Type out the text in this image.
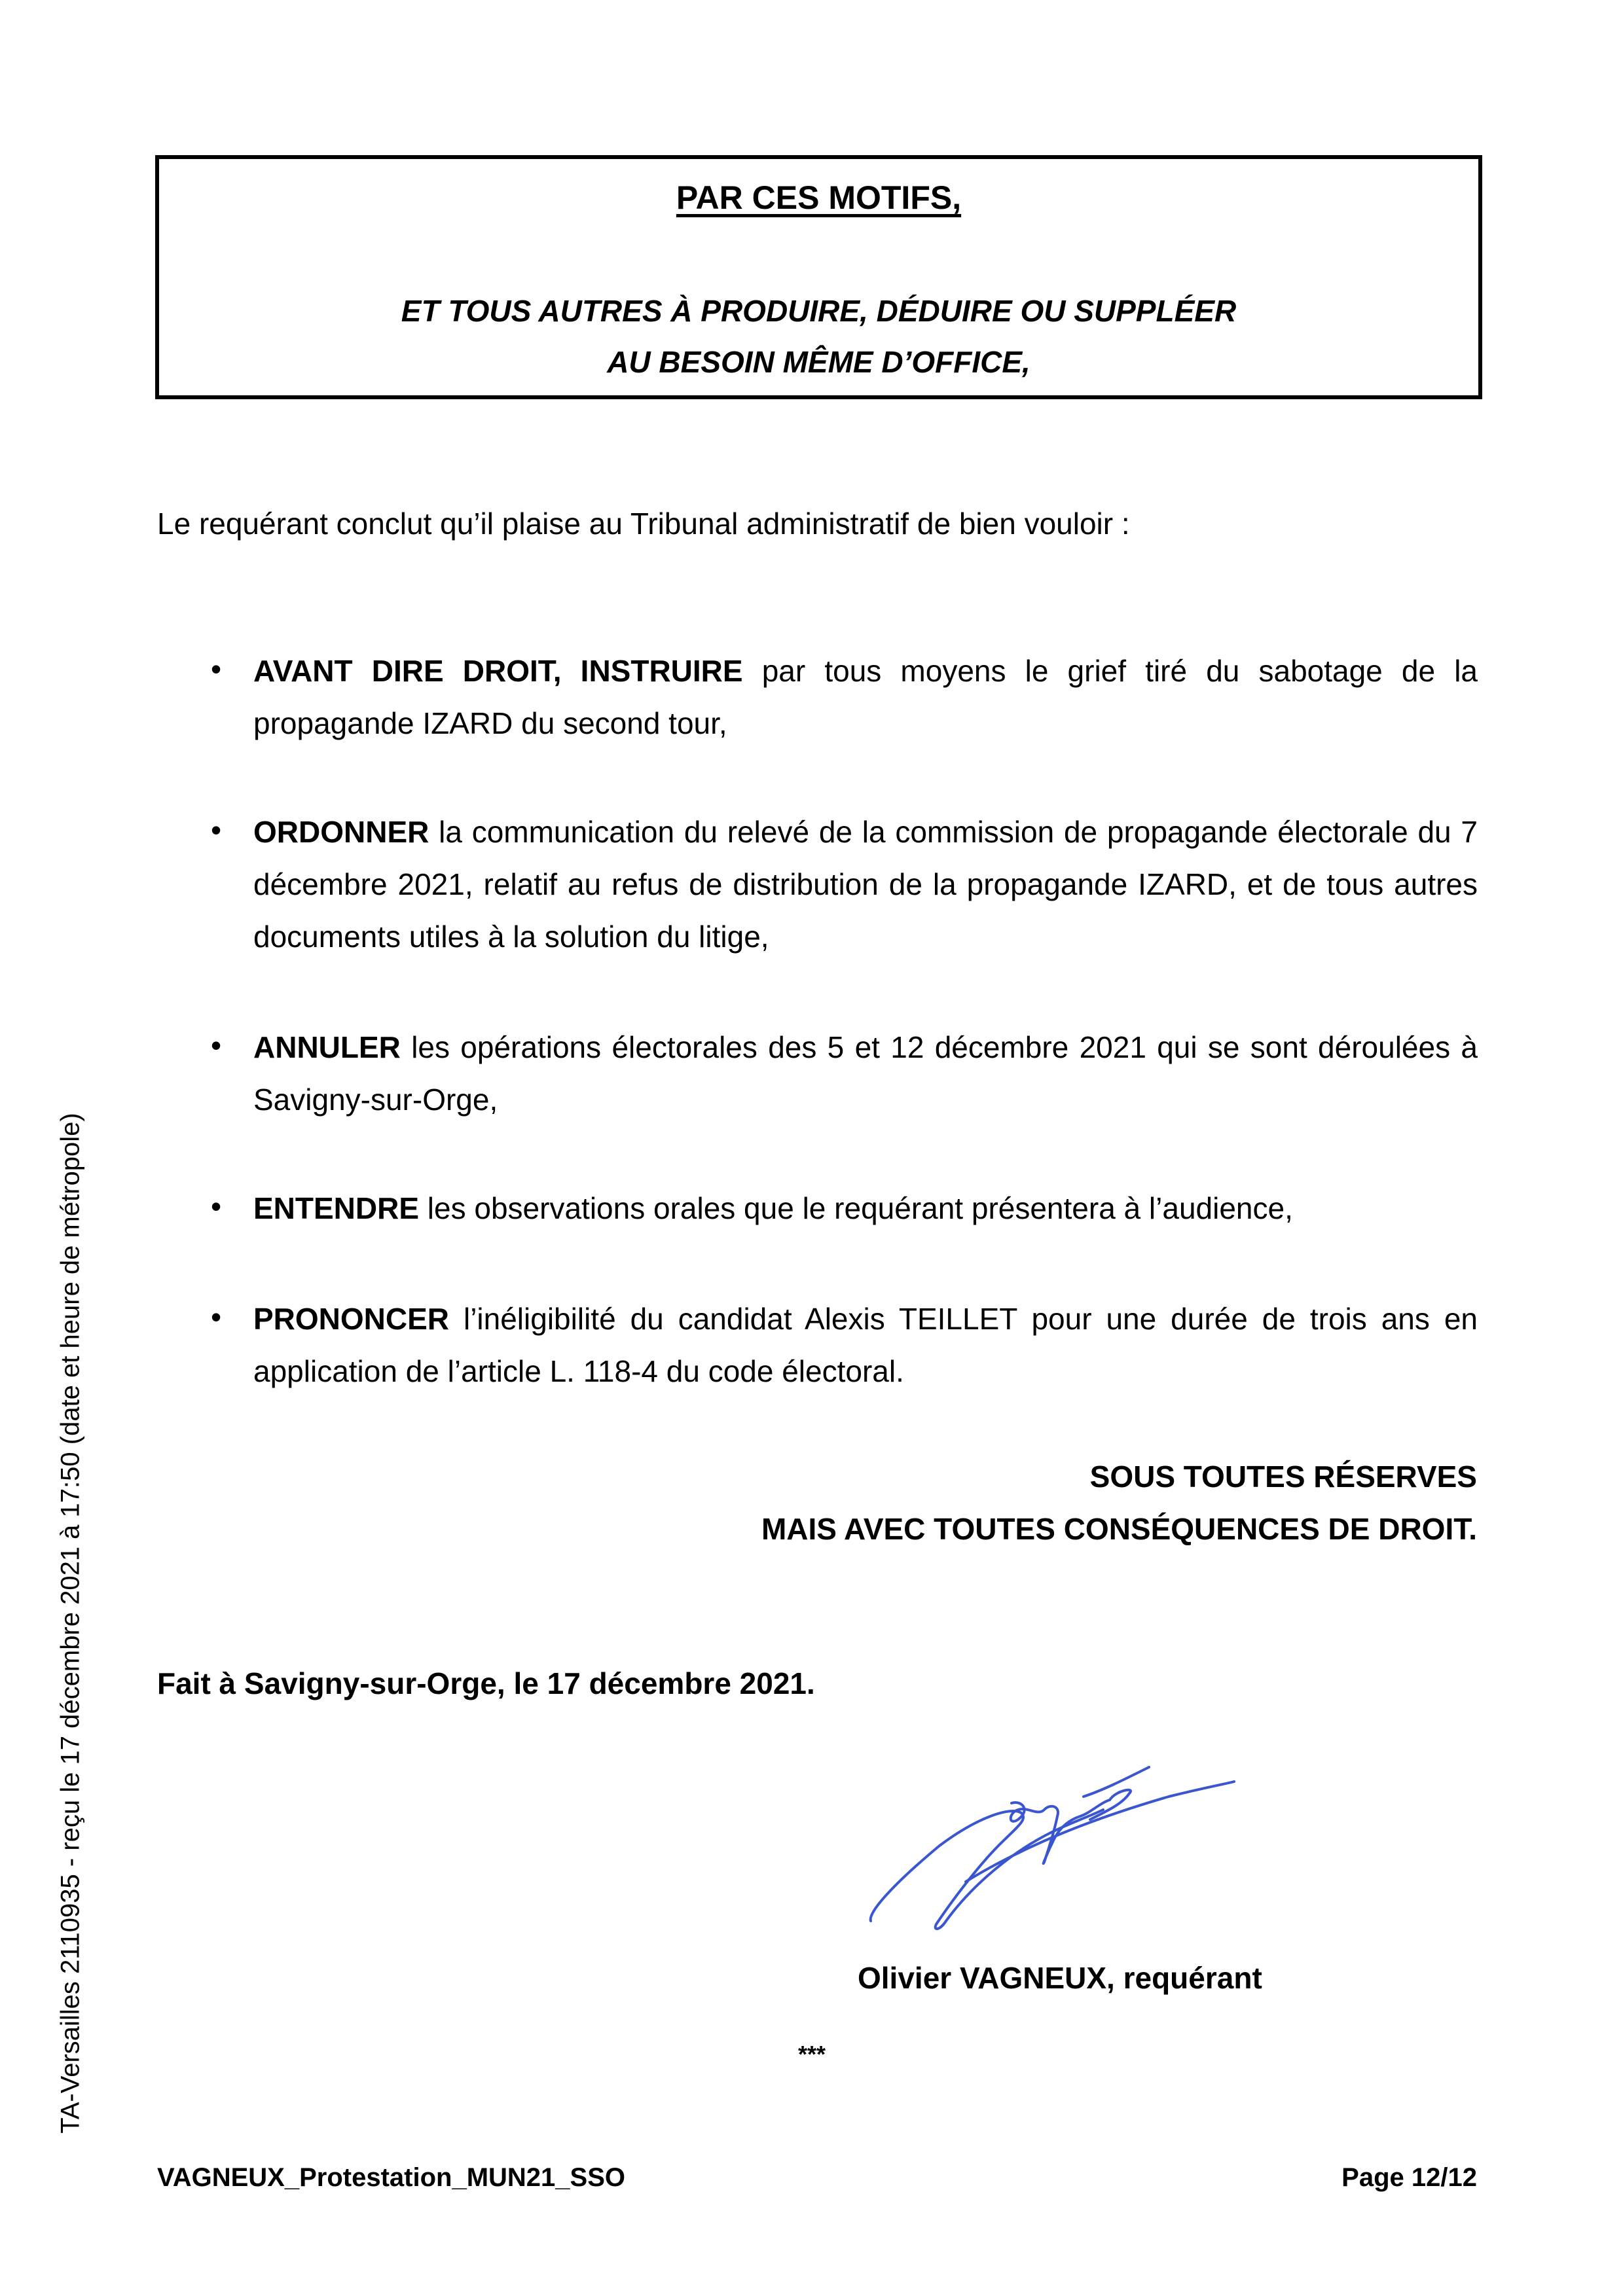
PAR CES MOTIFS,
ET TOUS AUTRES À PRODUIRE, DÉDUIRE OU SUPPLÉER
AU BESOIN MÊME D’OFFICE,
Le requérant conclut qu’il plaise au Tribunal administratif de bien vouloir :
• AVANT DIRE DROIT, INSTRUIRE par tous moyens le grief tiré du sabotage de la propagande IZARD du second tour,
• ORDONNER la communication du relevé de la commission de propagande électorale du 7 décembre 2021, relatif au refus de distribution de la propagande IZARD, et de tous autres documents utiles à la solution du litige,
• ANNULER les opérations électorales des 5 et 12 décembre 2021 qui se sont déroulées à Savigny-sur-Orge,
• ENTENDRE les observations orales que le requérant présentera à l’audience,
• PRONONCER l’inéligibilité du candidat Alexis TEILLET pour une durée de trois ans en application de l’article L. 118-4 du code électoral.
SOUS TOUTES RÉSERVES
MAIS AVEC TOUTES CONSÉQUENCES DE DROIT.
Fait à Savigny-sur-Orge, le 17 décembre 2021.
Olivier VAGNEUX, requérant
***
VAGNEUX_Protestation_MUN21_SSO	Page 12/12
TA-Versailles 2110935 - reçu le 17 décembre 2021 à 17:50 (date et heure de métropole)
